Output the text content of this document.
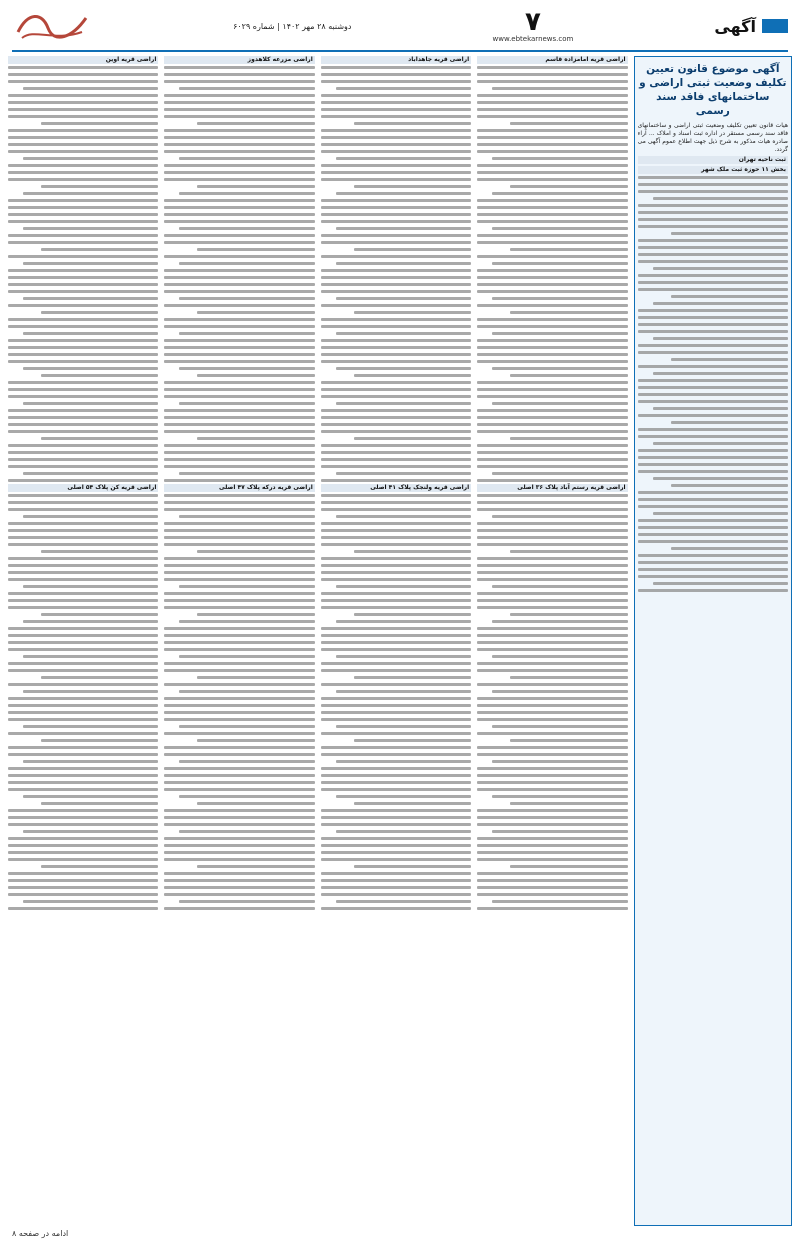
دوشنبه ۲۸ مهر ۱۴۰۲ | شماره ۶۰۲۹	۷
www.ebtekarnews.com
آگهی
آگهی موضوع قانون تعیین تکلیف وضعیت ثبتی اراضی و ساختمانهای فاقد سند رسمی
هیات قانون تعیین تکلیف وضعیت ثبتی اراضی و ساختمانهای فاقد سند رسمی مستقر در اداره ثبت اسناد و املاک ... آراء صادره هیات مذکور به شرح ذیل جهت اطلاع عموم آگهی می گردد.
ثبت ناحیه تهران
بخش ۱۱ حوزه ثبت ملک شهر
اراضی قریه امامزاده قاسم
اراضی قریه رستم آباد پلاک ۳۶ اصلی
اراضی قریه جاهدآباد
اراضی قریه ولنجک پلاک ۴۱ اصلی
اراضی مزرعه کلاهدوز
اراضی قریه درکه پلاک ۴۷ اصلی
اراضی قریه اوین
اراضی قریه کن پلاک ۵۴ اصلی
ادامه در صفحه ۸
